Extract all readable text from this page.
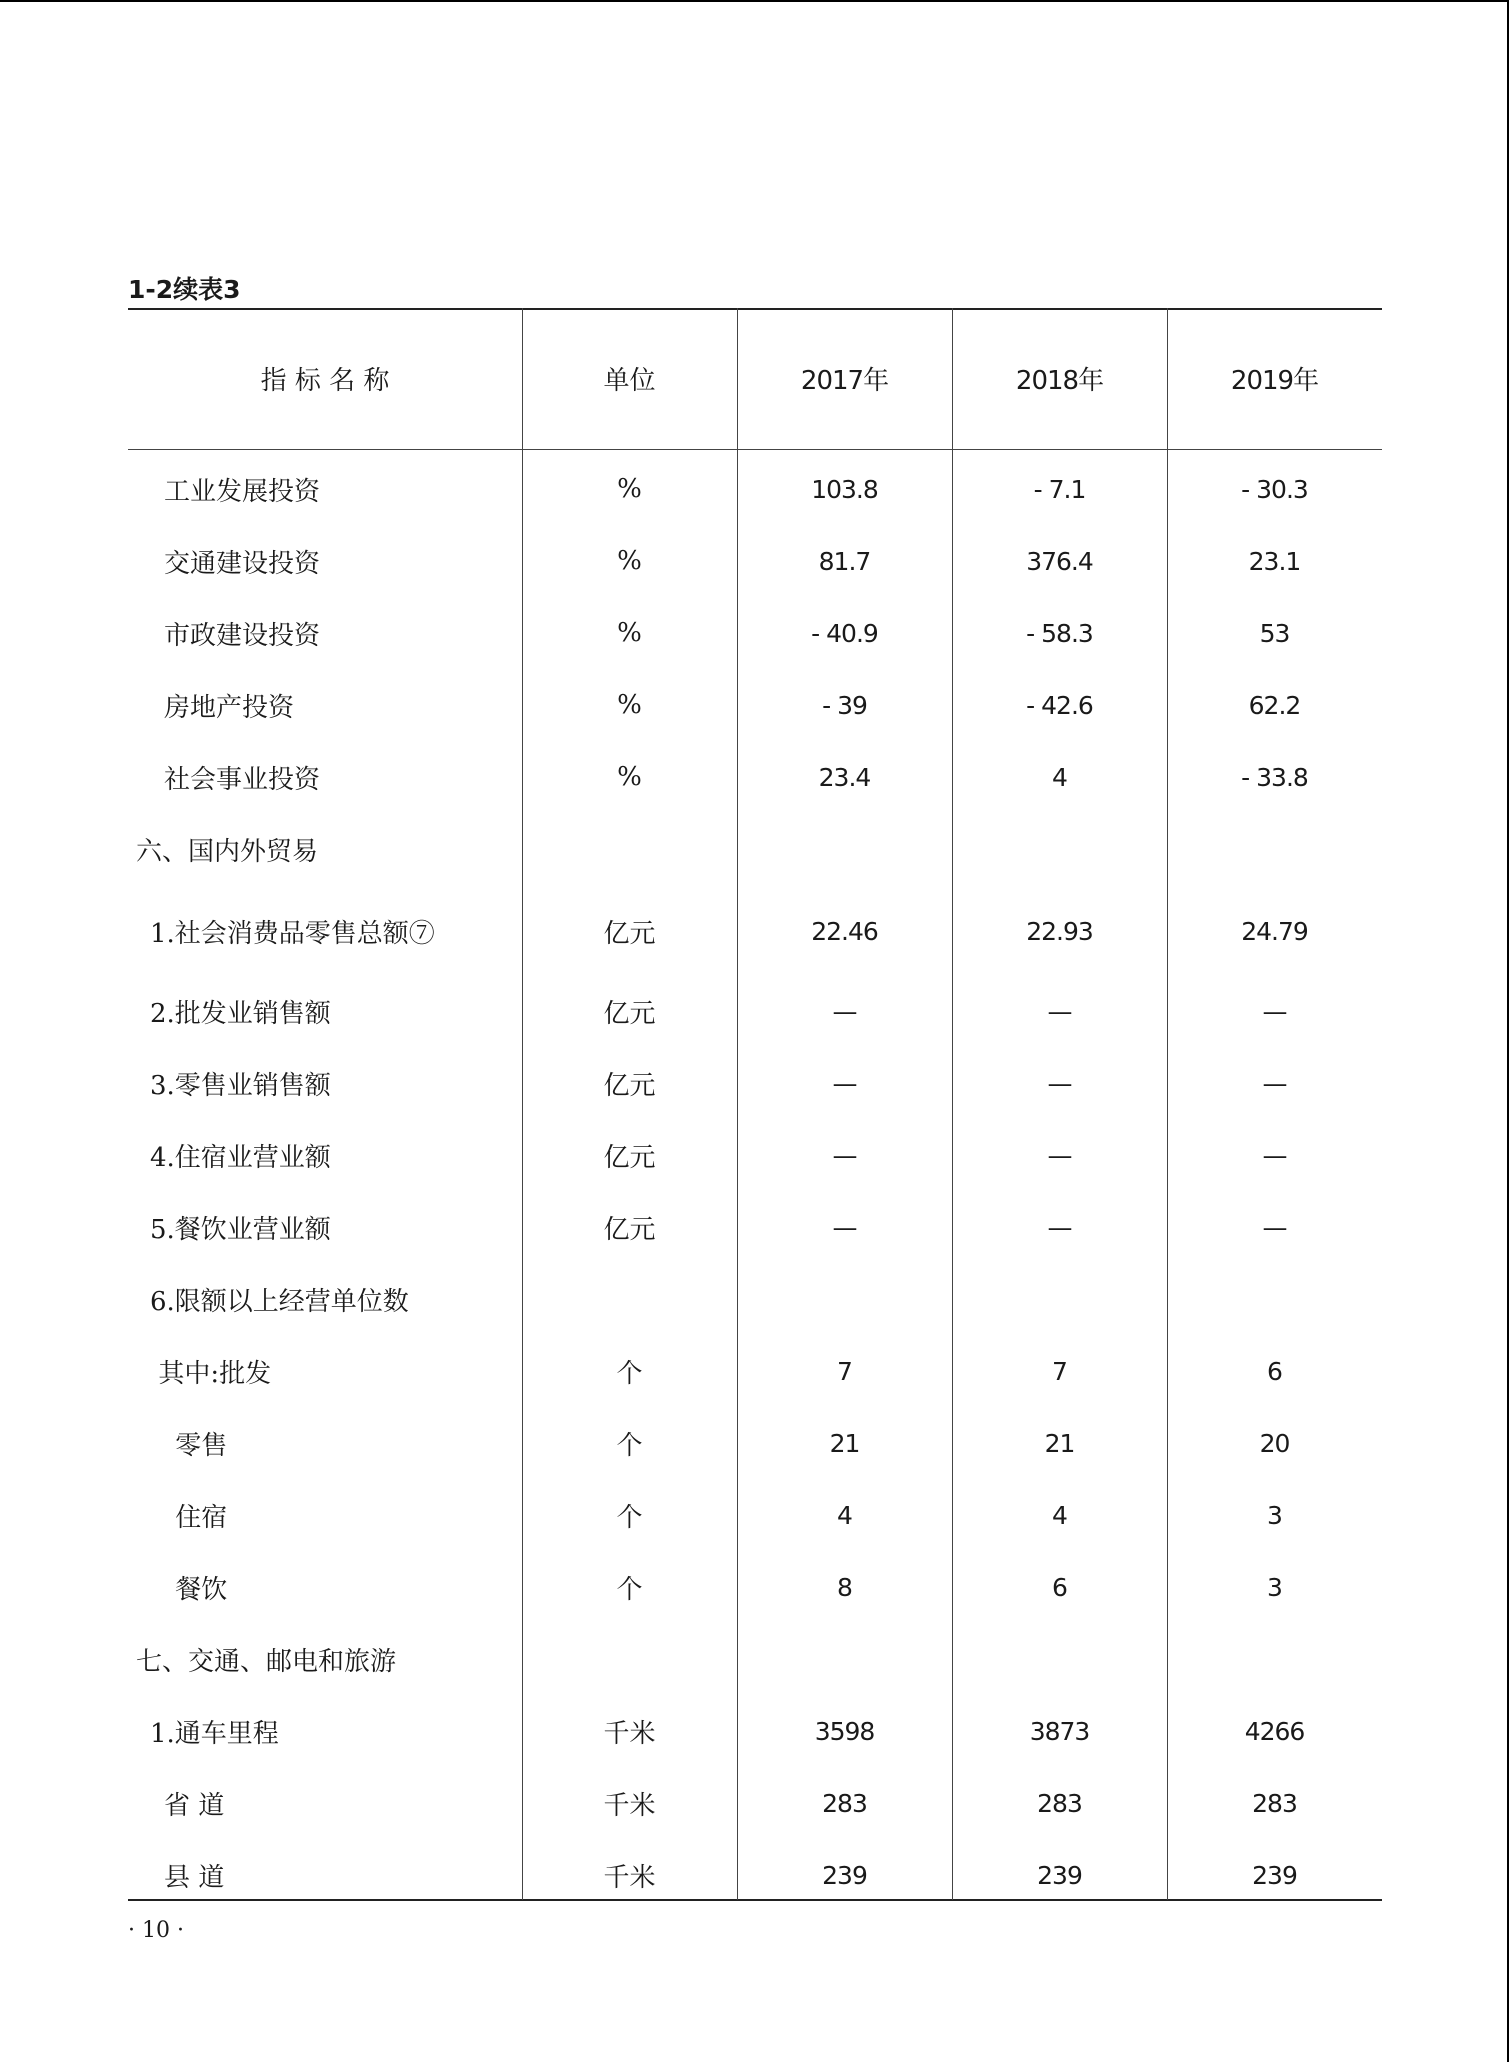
1-2续表3
指 标 名 称	单位	2017年	2018年	2019年
工业发展投资	%	103.8	- 7.1	- 30.3
交通建设投资	%	81.7	376.4	23.1
市政建设投资	%	- 40.9	- 58.3	53
房地产投资	%	- 39	- 42.6	62.2
社会事业投资	%	23.4	4	- 33.8
六、国内外贸易
1.社会消费品零售总额⑦	亿元	22.46	22.93	24.79
2.批发业销售额	亿元	—	—	—
3.零售业销售额	亿元	—	—	—
4.住宿业营业额	亿元	—	—	—
5.餐饮业营业额	亿元	—	—	—
6.限额以上经营单位数
其中:批发	个	7	7	6
零售	个	21	21	20
住宿	个	4	4	3
餐饮	个	8	6	3
七、交通、邮电和旅游
1.通车里程	千米	3598	3873	4266
省 道	千米	283	283	283
县 道	千米	239	239	239
· 10 ·
